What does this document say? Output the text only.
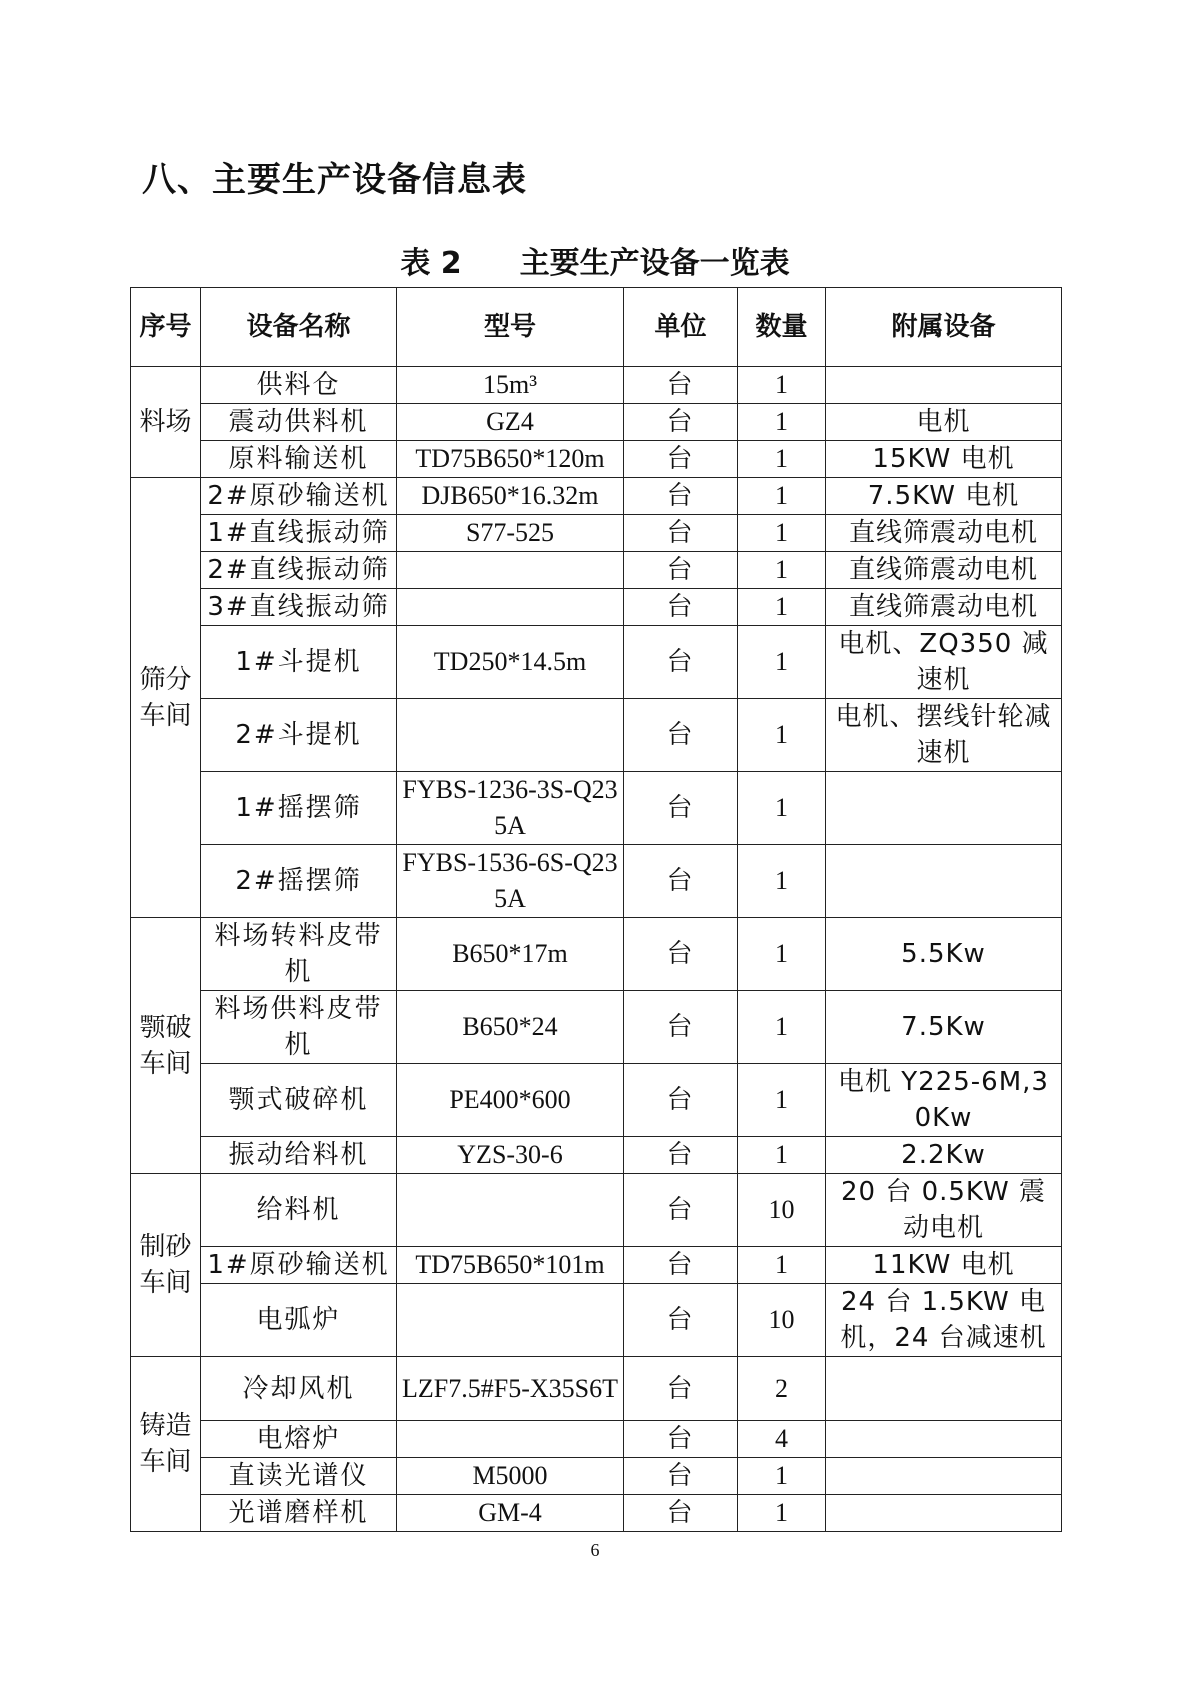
八、主要生产设备信息表
表 2 主要生产设备一览表
序号	设备名称	型号	单位	数量	附属设备
料场	供料仓	15m³	台	1	
	震动供料机	GZ4	台	1	电机
	原料输送机	TD75B650*120m	台	1	15KW 电机
筛分车间	2#原砂输送机	DJB650*16.32m	台	1	7.5KW 电机
	1#直线振动筛	S77-525	台	1	直线筛震动电机
	2#直线振动筛		台	1	直线筛震动电机
	3#直线振动筛		台	1	直线筛震动电机
	1#斗提机	TD250*14.5m	台	1	电机、ZQ350 减速机
	2#斗提机		台	1	电机、摆线针轮减速机
	1#摇摆筛	FYBS-1236-3S-Q235A	台	1	
	2#摇摆筛	FYBS-1536-6S-Q235A	台	1	
颚破车间	料场转料皮带机	B650*17m	台	1	5.5Kw
	料场供料皮带机	B650*24	台	1	7.5Kw
	颚式破碎机	PE400*600	台	1	电机 Y225-6M,30Kw
	振动给料机	YZS-30-6	台	1	2.2Kw
制砂车间	给料机		台	10	20 台 0.5KW 震动电机
	1#原砂输送机	TD75B650*101m	台	1	11KW 电机
	电弧炉		台	10	24 台 1.5KW 电机，24 台减速机
铸造车间	冷却风机	LZF7.5#F5-X35S6T	台	2	
	电熔炉		台	4	
	直读光谱仪	M5000	台	1	
	光谱磨样机	GM-4	台	1	
6
